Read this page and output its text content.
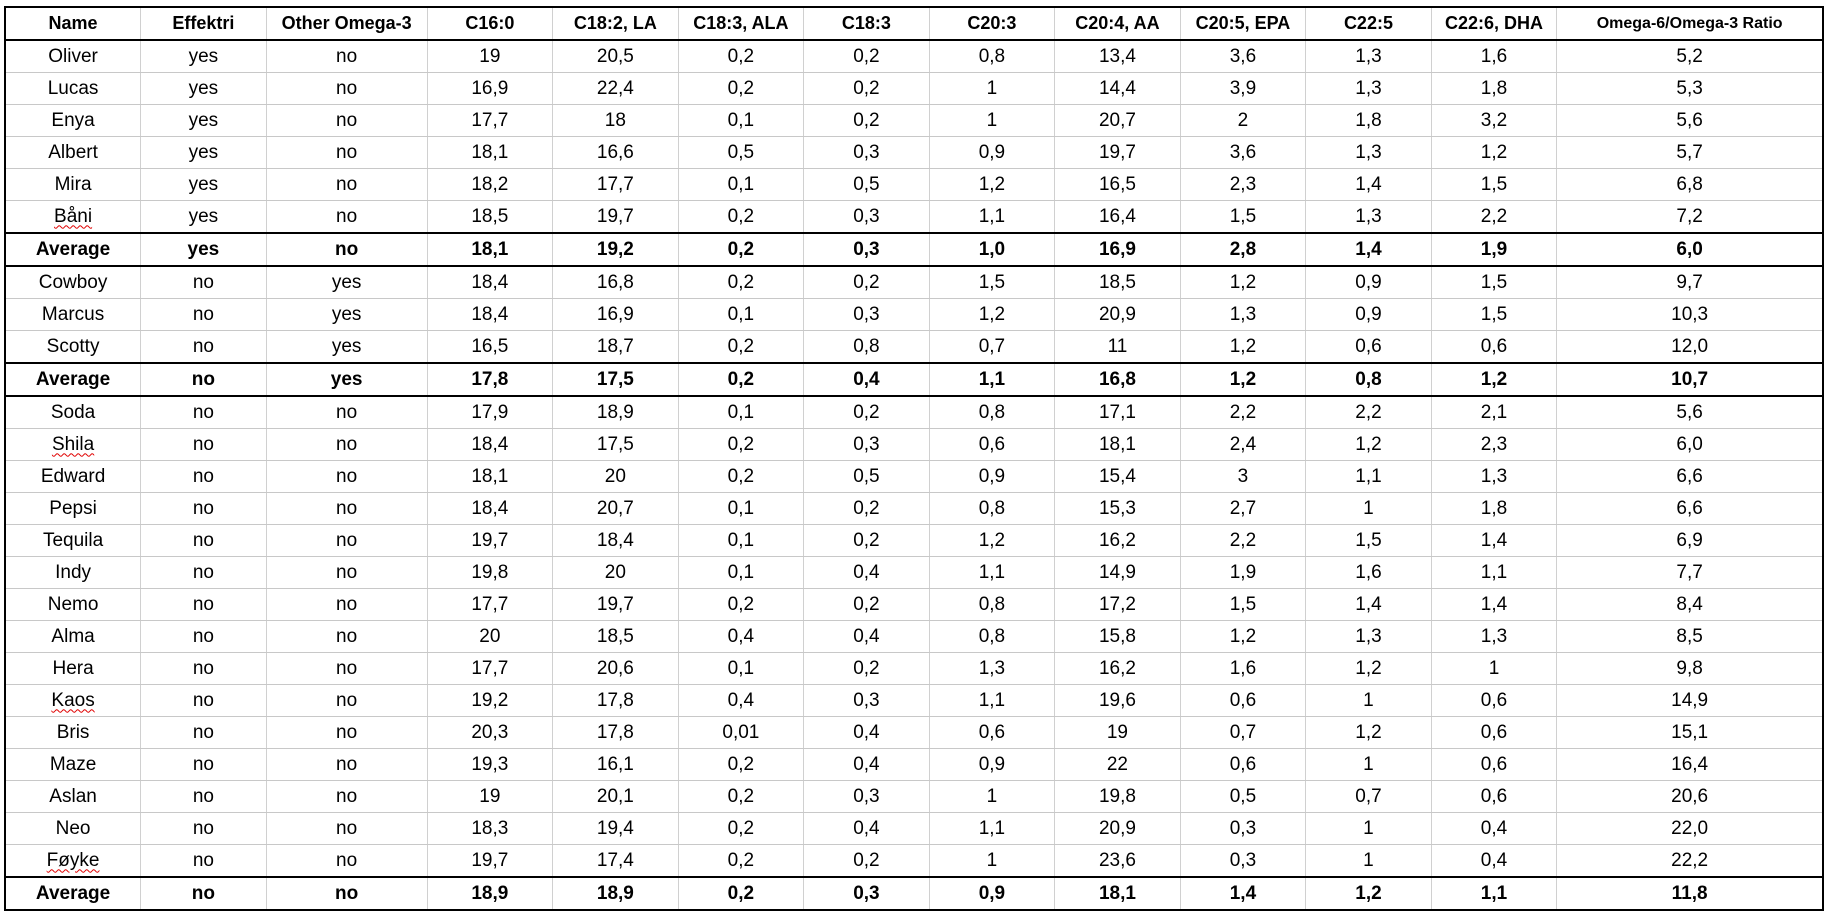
Name	Effektri	Other Omega-3	C16:0	C18:2, LA	C18:3, ALA	C18:3	C20:3	C20:4, AA	C20:5, EPA	C22:5	C22:6, DHA	Omega-6/Omega-3 Ratio
Oliver	yes	no	19	20,5	0,2	0,2	0,8	13,4	3,6	1,3	1,6	5,2
Lucas	yes	no	16,9	22,4	0,2	0,2	1	14,4	3,9	1,3	1,8	5,3
Enya	yes	no	17,7	18	0,1	0,2	1	20,7	2	1,8	3,2	5,6
Albert	yes	no	18,1	16,6	0,5	0,3	0,9	19,7	3,6	1,3	1,2	5,7
Mira	yes	no	18,2	17,7	0,1	0,5	1,2	16,5	2,3	1,4	1,5	6,8
Båni	yes	no	18,5	19,7	0,2	0,3	1,1	16,4	1,5	1,3	2,2	7,2
Average	yes	no	18,1	19,2	0,2	0,3	1,0	16,9	2,8	1,4	1,9	6,0
Cowboy	no	yes	18,4	16,8	0,2	0,2	1,5	18,5	1,2	0,9	1,5	9,7
Marcus	no	yes	18,4	16,9	0,1	0,3	1,2	20,9	1,3	0,9	1,5	10,3
Scotty	no	yes	16,5	18,7	0,2	0,8	0,7	11	1,2	0,6	0,6	12,0
Average	no	yes	17,8	17,5	0,2	0,4	1,1	16,8	1,2	0,8	1,2	10,7
Soda	no	no	17,9	18,9	0,1	0,2	0,8	17,1	2,2	2,2	2,1	5,6
Shila	no	no	18,4	17,5	0,2	0,3	0,6	18,1	2,4	1,2	2,3	6,0
Edward	no	no	18,1	20	0,2	0,5	0,9	15,4	3	1,1	1,3	6,6
Pepsi	no	no	18,4	20,7	0,1	0,2	0,8	15,3	2,7	1	1,8	6,6
Tequila	no	no	19,7	18,4	0,1	0,2	1,2	16,2	2,2	1,5	1,4	6,9
Indy	no	no	19,8	20	0,1	0,4	1,1	14,9	1,9	1,6	1,1	7,7
Nemo	no	no	17,7	19,7	0,2	0,2	0,8	17,2	1,5	1,4	1,4	8,4
Alma	no	no	20	18,5	0,4	0,4	0,8	15,8	1,2	1,3	1,3	8,5
Hera	no	no	17,7	20,6	0,1	0,2	1,3	16,2	1,6	1,2	1	9,8
Kaos	no	no	19,2	17,8	0,4	0,3	1,1	19,6	0,6	1	0,6	14,9
Bris	no	no	20,3	17,8	0,01	0,4	0,6	19	0,7	1,2	0,6	15,1
Maze	no	no	19,3	16,1	0,2	0,4	0,9	22	0,6	1	0,6	16,4
Aslan	no	no	19	20,1	0,2	0,3	1	19,8	0,5	0,7	0,6	20,6
Neo	no	no	18,3	19,4	0,2	0,4	1,1	20,9	0,3	1	0,4	22,0
Føyke	no	no	19,7	17,4	0,2	0,2	1	23,6	0,3	1	0,4	22,2
Average	no	no	18,9	18,9	0,2	0,3	0,9	18,1	1,4	1,2	1,1	11,8
